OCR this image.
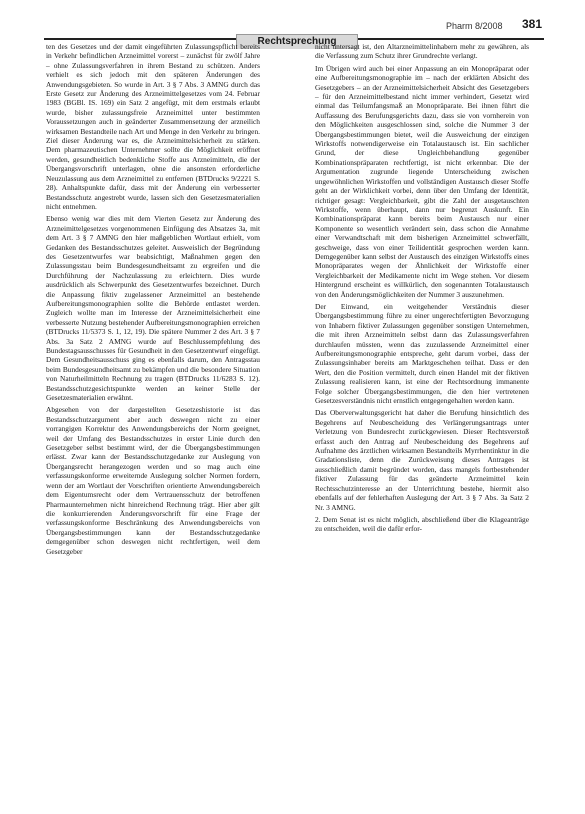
Rechtsprechung
Pharm 8/2008 381

ten des Gesetzes und der damit eingeführten Zulassungspflicht bereits in Verkehr befindlichen Arzneimittel vorerst – zunächst für zwölf Jahre – ohne Zulassungsverfahren in ihrem Bestand zu schützen. Anders verhielt es sich jedoch mit den späteren Änderungen des Anwendungsgebieten. So wurde in Art. 3 § 7 Abs. 3 AMNG durch das Erste Gesetz zur Änderung des Arzneimittelgesetzes vom 24. Februar 1983 (BGBl. IS. 169) ein Satz 2 angefügt, mit dem erstmals erlaubt wurde, bisher zulassungsfreie Arzneimittel unter bestimmten Voraussetzungen auch in geänderter Zusammensetzung der arzneilich wirksamen Bestandteile nach Art und Menge in den Verkehr zu bringen. Ziel dieser Änderung war es, die Arzneimittelsicherheit zu stärken. Dem pharmazeutischen Unternehmer sollte die Möglichkeit eröffnet werden, gesundheitlich bedenkliche Stoffe aus Arzneimitteln, die der Übergangsvorschrift unterlagen, ohne die ansonsten erforderliche Neuzulassung aus dem Arzneimittel zu entfernen (BTDrucks 9/2221 S. 28). Anhaltspunkte dafür, dass mit der Änderung ein verbesserter Bestandsschutz angestrebt wurde, lassen sich den Gesetzesmaterialien nicht entnehmen.

Ebenso wenig war dies mit dem Vierten Gesetz zur Änderung des Arzneimittelgesetzes vorgenommenen Einfügung des Absatzes 3a, mit dem Art. 3 § 7 AMNG den hier maßgeblichen Wortlaut erhielt, vom Gedanken des Bestandsschutzes geleitet. Ausweislich der Begründung des Gesetzentwurfes war beabsichtigt, Maßnahmen gegen den Zulassungsstau beim Bundesgesundheitsamt zu ergreifen und die Durchführung der Nachzulassung zu erleichtern. Dies wurde ausdrücklich als Schwerpunkt des Gesetzentwurfes bezeichnet. Durch die Anpassung fiktiv zugelassener Arzneimittel an bestehende Aufbereitungsmonographien sollte die Behörde entlastet werden. Zugleich wollte man im Interesse der Arzneimittelsicherheit eine verbesserte Nutzung bestehender Aufbereitungsmonographien erreichen (BTDrucks 11/5373 S. 1, 12, 19). Die spätere Nummer 2 des Art. 3 § 7 Abs. 3a Satz 2 AMNG wurde auf Beschlussempfehlung des Bundestagsausschusses für Gesundheit in den Gesetzentwurf eingefügt. Dem Gesundheitsausschuss ging es ebenfalls darum, den Antragsstau beim Bundesgesundheitsamt zu bekämpfen und die besondere Situation von Naturheilmitteln Rechnung zu tragen (BTDrucks 11/6283 S. 12). Bestandsschutzgesichtspunkte werden an keiner Stelle der Gesetzesmaterialien erwähnt.

Abgesehen von der dargestellten Gesetzeshistorie ist das Bestandsschutzargument aber auch deswegen nicht zu einer vorrangigen Korrektur des Anwendungsbereichs der Norm geeignet, weil der Umfang des Bestandsschutzes in erster Linie durch den Gesetzgeber selbst bestimmt wird, der die Übergangsbestimmungen erlässt. Zwar kann der Bestandsschutzgedanke zur Auslegung von Übergangsrecht herangezogen werden und so mag auch eine verfassungskonforme erweiternde Auslegung solcher Normen fordern, wenn der am Wortlaut der Vorschriften orientierte Anwendungsbereich dem Eigentumsrecht oder dem Vertrauensschutz der betroffenen Pharmaunternehmen nicht hinreichend Rechnung trägt. Hier aber gilt die konkurrierenden Änderungsvorschrift für eine Frage der verfassungskonforme Beschränkung des Anwendungsbereichs von Übergangsbestimmungen kann der Bestandsschutzgedanke demgegenüber schon deswegen nicht rechtfertigen, weil dem Gesetzgeber

nicht untersagt ist, den Altarzneimittelinhabern mehr zu gewähren, als die Verfassung zum Schutz ihrer Grundrechte verlangt.

Im Übrigen wird auch bei einer Anpassung an ein Monopräparat oder eine Aufbereitungsmonographie im – nach der erklärten Absicht des Gesetzgebers – an der Arzneimittelsicherheit Absicht des Gesetzgebers – für den Arzneimittelbestand nicht immer verhindert, Gesetzt wird einmal das Teilumfangsmaß an Monopräparate. Bei ihnen führt die Auffassung des Berufungsgerichts dazu, dass sie von vornherein von den Möglichkeiten ausgeschlossen sind, solche die Nummer 3 der Übergangsbestimmungen bietet, weil die Ausweichung der einzigen Wirkstoffs notwendigerweise ein Totalaustausch ist. Ein sachlicher Grund, der diese Ungleichbehandlung gegenüber Kombinationspräparaten rechtfertigt, ist nicht erkennbar. Die der Argumentation zugrunde liegende Unterscheidung zwischen ungewöhnlichen Wirkstoffen und vollständigen Austausch dieser Stoffe geht an der Wirklichkeit vorbei, denn über den Umfang der Identität, richtiger gesagt: Vergleichbarkeit, gibt die Zahl der ausgetauschten Wirkstoffe, wenn überhaupt, dann nur begrenzt Auskunft. Ein Kombinationspräparat kann bereits beim Austausch nur einer Komponente so wesentlich verändert sein, dass schon die Annahme einer Verwandtschaft mit dem bisherigen Arzneimittel schwerfällt, geschweige, dass von einer Teilidentität gesprochen werden kann. Demgegenüber kann selbst der Austausch des einzigen Wirkstoffs eines Monopräparates wegen der Ähnlichkeit der Wirkstoffe einer Vergleichbarkeit der Medikamente nicht im Wege stehen. Vor diesem Hintergrund erscheint es willkürlich, den sogenannten Totalaustausch von den Änderungsmöglichkeiten der Nummer 3 auszunehmen.

Der Einwand, ein weitgehender Verständnis dieser Übergangsbestimmung führe zu einer ungerechtfertigten Bevorzugung von Inhabern fiktiver Zulassungen gegenüber sonstigen Unternehmen, die mit ihren Arzneimitteln selbst dann das Zulassungsverfahren durchlaufen müssten, wenn das zuzulassende Arzneimittel einer Aufbereitungsmonographie entspreche, geht darum vorbei, dass der Zulassungsinhaber bereits am Marktgeschehen teilhat. Dass er den Wert, den die Position vermittelt, durch einen Handel mit der fiktiven Zulassung realisieren kann, ist eine der Rechtsordnung immanente Folge solcher Übergangsbestimmungen, die den hier vertretenen Gesetzesverständnis nicht ernstlich entgegengehalten werden kann.

Das Oberverwaltungsgericht hat daher die Berufung hinsichtlich des Begehrens auf Neubescheidung des Verlängerungsantrags unter Verletzung von Bundesrecht zurückgewiesen. Dieser Rechtsverstoß erfasst auch den Antrag auf Neubescheidung des Begehrens auf Aufnahme des ärztlichen wirksamen Bestandteils Myrrhentinktur in die Gradationsliste, denn die Zurückweisung dieses Antrages ist ausschließlich damit begründet worden, dass mangels fortbestehender fiktiver Zulassung für das geänderte Arzneimittel kein Rechtsschutzinteresse an der Unterrichtung bestehe, hiermit also ebenfalls auf der fehlerhaften Auslegung der Art. 3 § 7 Abs. 3a Satz 2 Nr. 3 AMNG.

2. Dem Senat ist es nicht möglich, abschließend über die Klageanträge zu entscheiden, weil die dafür erfor-
